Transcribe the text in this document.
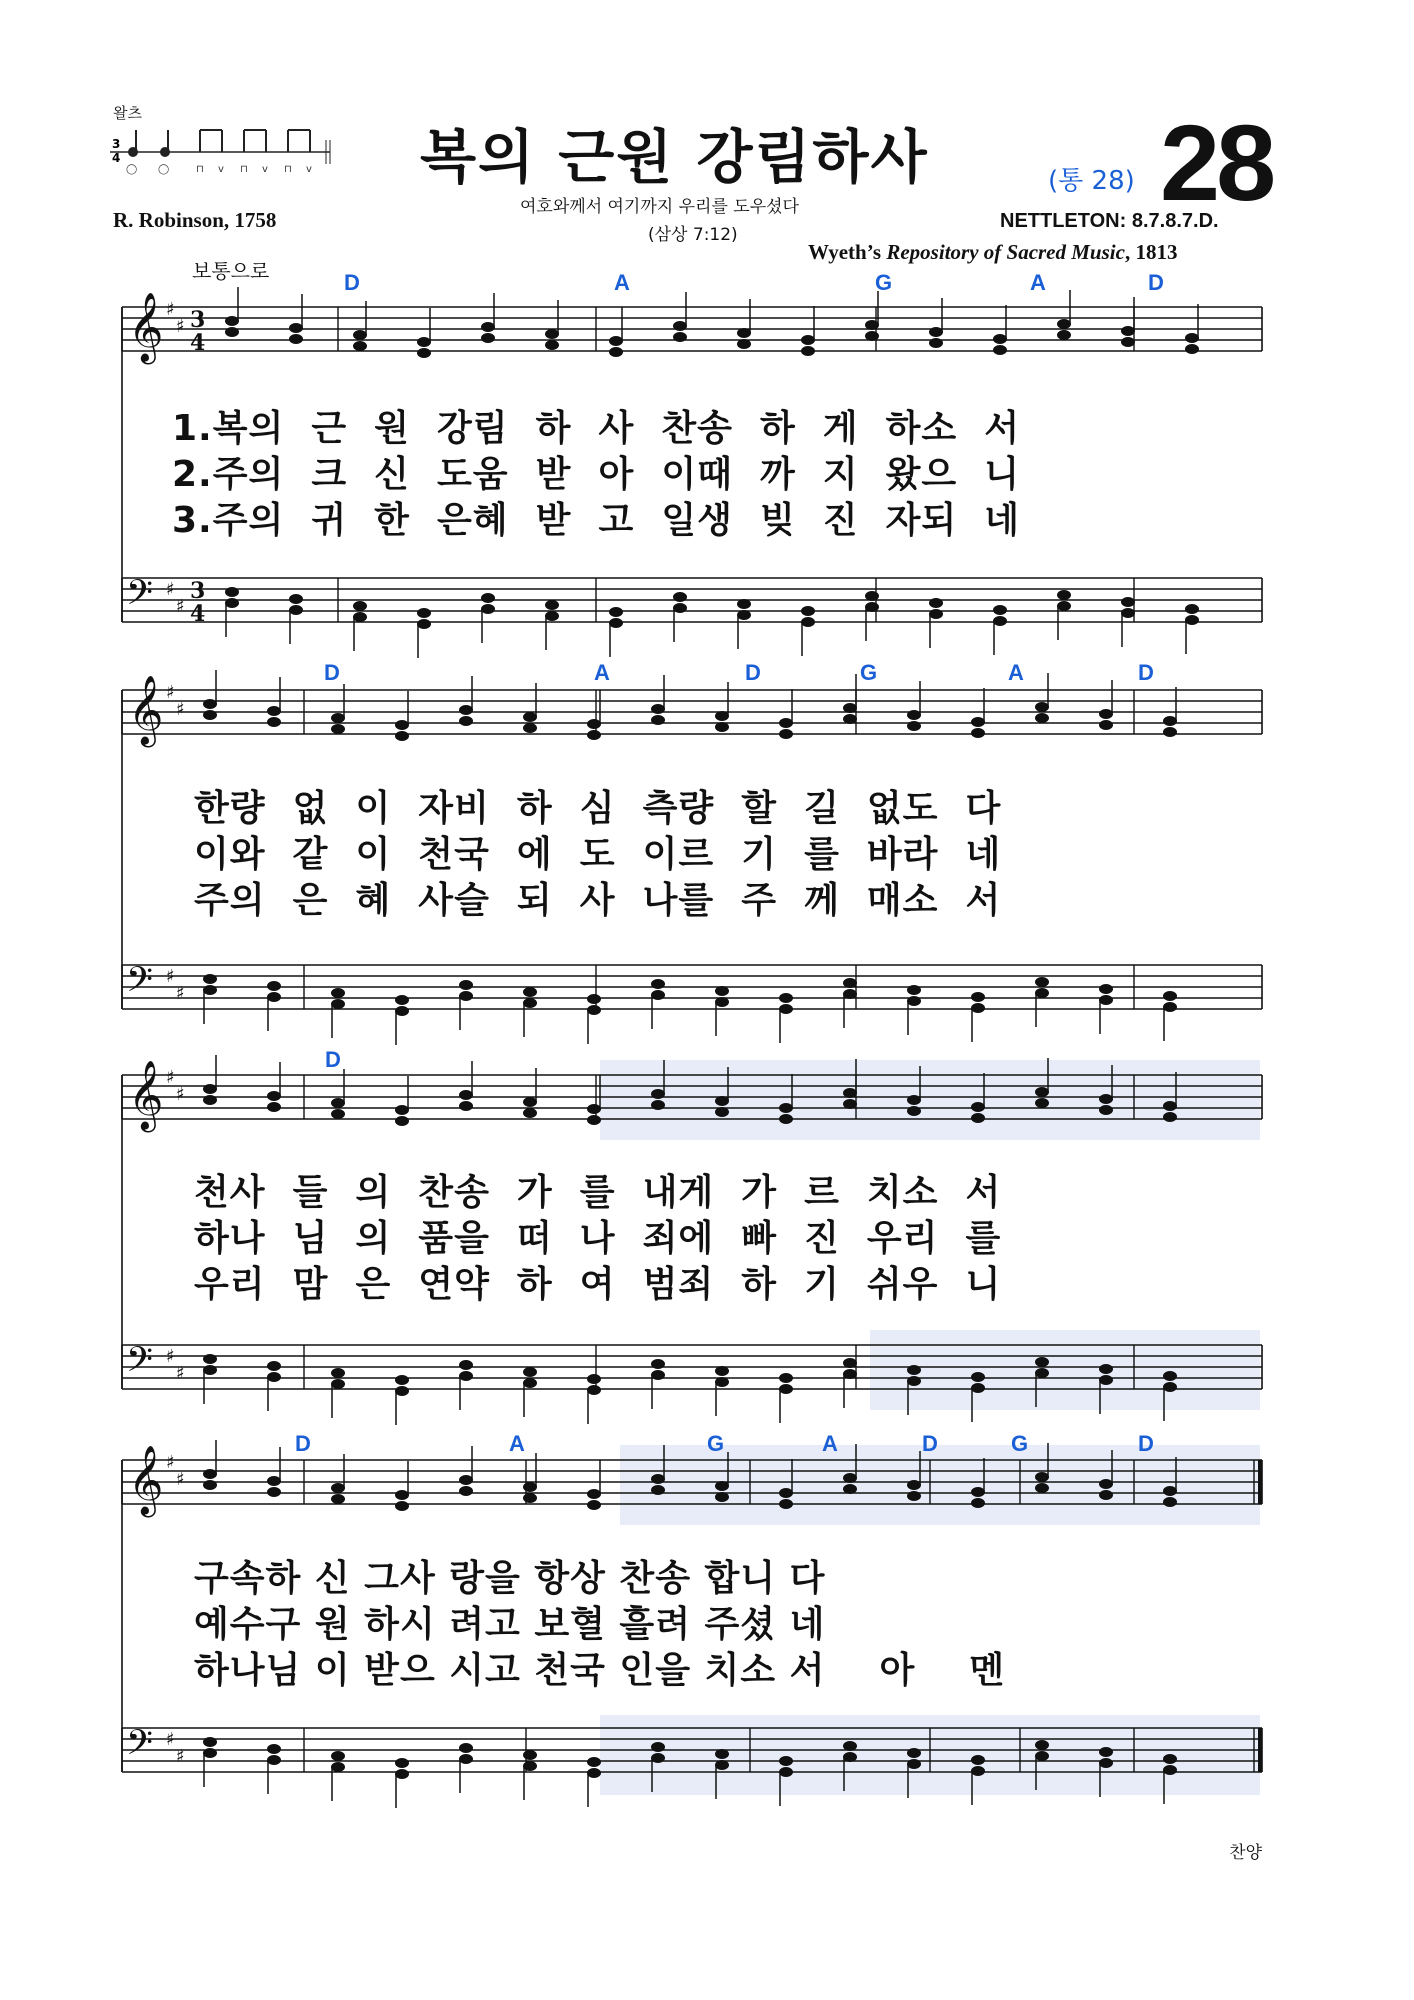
왈츠
3
4
◯ ◯	⊓ v ⊓ v ⊓ v 복의 근원 강림하사
여호와께서 여기까지 우리를 도우셨다
(삼상 7:12)
(통 28) 28
R. Robinson, 1758	NETTLETON: 8.7.8.7.D.
Wyeth’s Repository of Sacred Music, 1813
보통으로
𝄞
𝄢
♯
♯ 3
4
♯
♯
3
4
𝄞
𝄢
♯
♯
♯
♯
𝄞
𝄢
♯
♯
♯
♯
𝄞
𝄢
♯
♯
♯
♯
D	A	G	A	D
1.복의  근  원  강림  하  사  찬송  하  게  하소  서
2.주의  크  신  도움  받  아  이때  까  지  왔으  니
3.주의  귀  한  은혜  받  고  일생  빚  진  자되  네
D	A	D	G	A	D
한량  없  이  자비  하  심  측량  할  길  없도  다
이와  같  이  천국  에  도  이르  기  를  바라  네
주의  은  혜  사슬  되  사  나를  주  께  매소  서
D
천사  들  의  찬송  가  를  내게  가  르  치소  서
하나  님  의  품을  떠  나  죄에  빠  진  우리  를
우리  맘  은  연약  하  여  범죄  하  기  쉬우  니
D	A	G	A	D	G	D
구속하 신 그사 랑을 항상 찬송 합니 다
예수구 원 하시 려고 보혈 흘려 주셨 네
하나님 이 받으 시고 천국 인을 치소 서    아    멘
찬양
